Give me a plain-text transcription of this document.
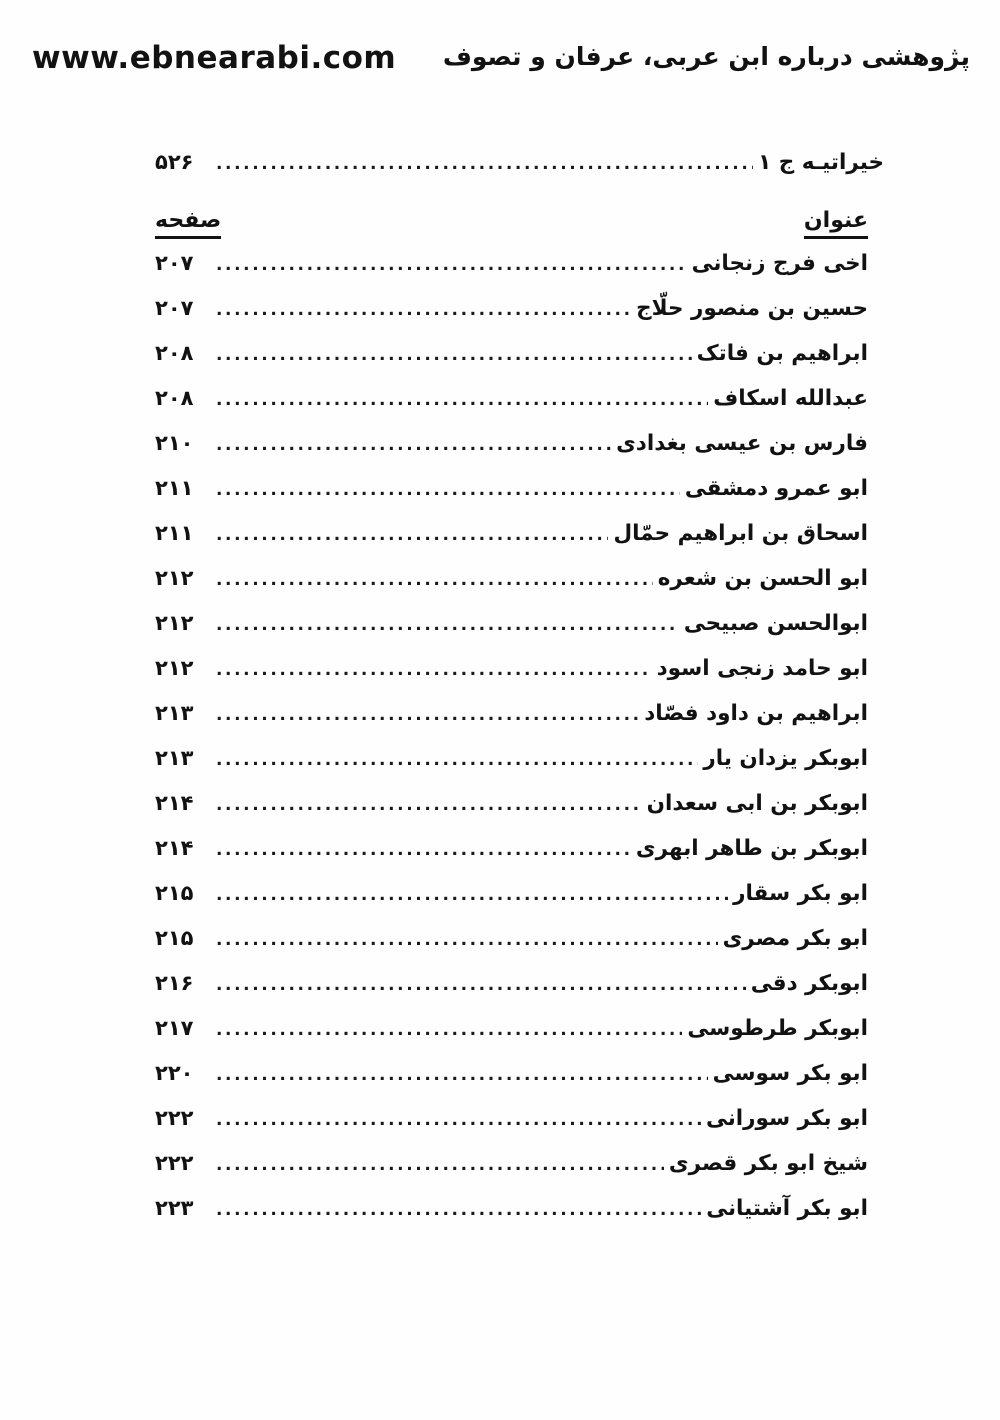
www.ebnearabi.com پژوهشی درباره ابن عربی، عرفان و تصوف
خیراتیـه ج ۱
.....
۵۲۶
عنوان
صفحه
اخی فرج زنجانی
.....
۲۰۷
حسین بن منصور حلّاج
.....
۲۰۷
ابراهیم بن فاتک
.....
۲۰۸
عبدالله اسکاف
.....
۲۰۸
فارس بن عیسی بغدادی
.....
۲۱۰
ابو عمرو دمشقی
.....
۲۱۱
اسحاق بن ابراهیم حمّال
.....
۲۱۱
ابو الحسن بن شعره
.....
۲۱۲
ابوالحسن صبیحی
.....
۲۱۲
ابو حامد زنجی اسود
.....
۲۱۲
ابراهیم بن داود فصّاد
.....
۲۱۳
ابوبکر یزدان یار
.....
۲۱۳
ابوبکر بن ابی سعدان
.....
۲۱۴
ابوبکر بن طاهر ابهری
.....
۲۱۴
ابو بکر سقار
.....
۲۱۵
ابو بکر مصری
.....
۲۱۵
ابوبکر دقی
.....
۲۱۶
ابوبکر طرطوسی
.....
۲۱۷
ابو بکر سوسی
.....
۲۲۰
ابو بکر سورانی
.....
۲۲۲
شیخ ابو بکر قصری
.....
۲۲۲
ابو بکر آشتیانی
.....
۲۲۳
